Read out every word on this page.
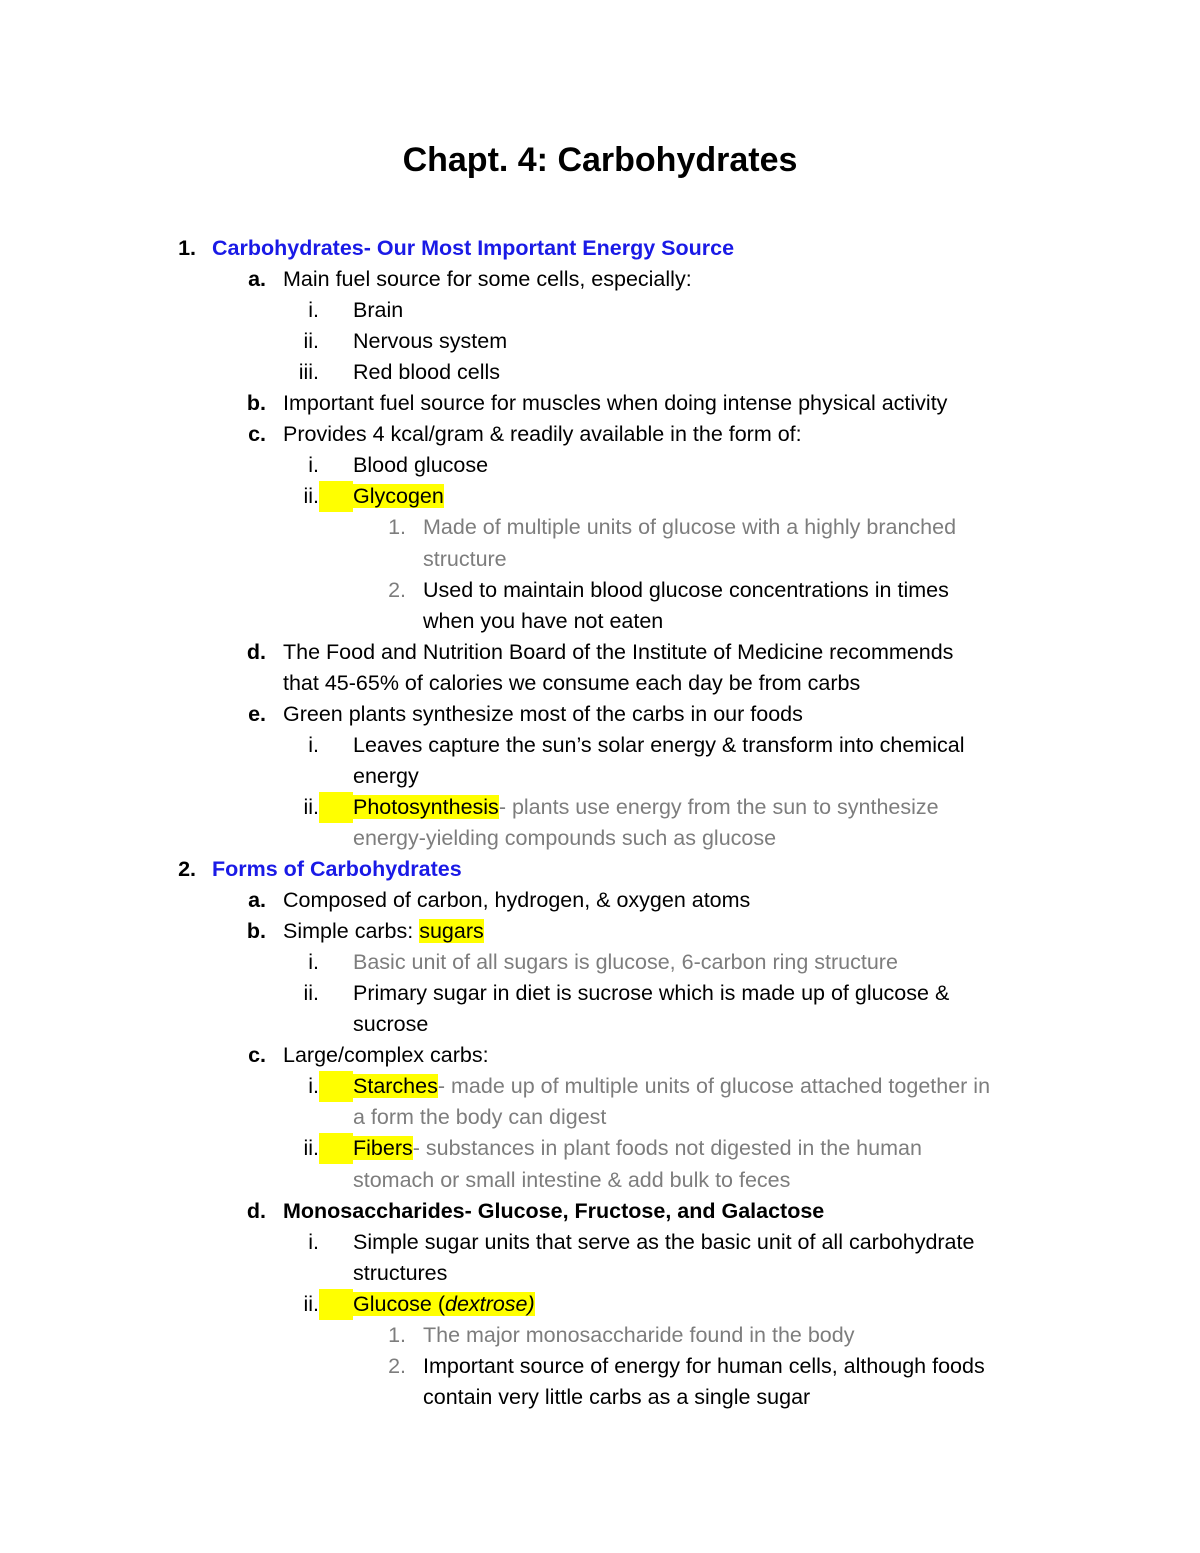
Chapt. 4: Carbohydrates
1. Carbohydrates- Our Most Important Energy Source
a. Main fuel source for some cells, especially:
i. Brain
ii. Nervous system
iii. Red blood cells
b. Important fuel source for muscles when doing intense physical activity
c. Provides 4 kcal/gram & readily available in the form of:
i. Blood glucose
ii. Glycogen
1. Made of multiple units of glucose with a highly branched
structure
2. Used to maintain blood glucose concentrations in times
when you have not eaten
d. The Food and Nutrition Board of the Institute of Medicine recommends
that 45-65% of calories we consume each day be from carbs
e. Green plants synthesize most of the carbs in our foods
i. Leaves capture the sun’s solar energy & transform into chemical
energy
ii. Photosynthesis- plants use energy from the sun to synthesize
energy-yielding compounds such as glucose
2. Forms of Carbohydrates
a. Composed of carbon, hydrogen, & oxygen atoms
b. Simple carbs: sugars
i. Basic unit of all sugars is glucose, 6-carbon ring structure
ii. Primary sugar in diet is sucrose which is made up of glucose &
sucrose
c. Large/complex carbs:
i. Starches- made up of multiple units of glucose attached together in
a form the body can digest
ii. Fibers- substances in plant foods not digested in the human
stomach or small intestine & add bulk to feces
d. Monosaccharides- Glucose, Fructose, and Galactose
i. Simple sugar units that serve as the basic unit of all carbohydrate
structures
ii. Glucose (dextrose)
1. The major monosaccharide found in the body
2. Important source of energy for human cells, although foods
contain very little carbs as a single sugar
